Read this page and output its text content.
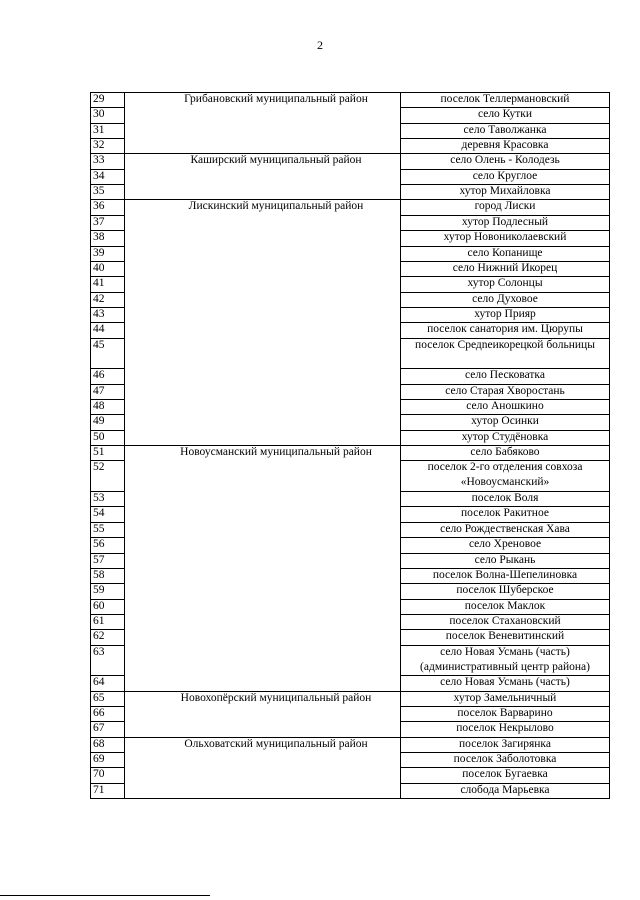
2
29	Грибановский муниципальный район	поселок Теллермановский
30	село Кутки
31	село Таволжанка
32	деревня Красовка
33	Каширский муниципальный район	село Олень - Колодезь
34	село Круглое
35	хутор Михайловка
36	Лискинский муниципальный район	город Лиски
37	хутор Подлесный
38	хутор Новониколаевский
39	село Копанище
40	село Нижний Икорец
41	хутор Солонцы
42	село Духовое
43	хутор Прияр
44	поселок санатория им. Цюрупы
45	поселок Средneикорецкой больницы
46	село Песковатка
47	село Старая Хворостань
48	село Аношкино
49	хутор Осинки
50	хутор Студёновка
51	Новоусманский муниципальный район	село Бабяково
52	поселок 2-го отделения совхоза «Новоусманский»
53	поселок Воля
54	поселок Ракитное
55	село Рождественская Хава
56	село Хреновое
57	село Рыкань
58	поселок Волна-Шепелиновка
59	поселок Шуберское
60	поселок Маклок
61	поселок Стахановский
62	поселок Веневитинский
63	село Новая Усмань (часть) (административный центр района)
64	село Новая Усмань (часть)
65	Новохопёрский муниципальный район	хутор Замельничный
66	поселок Варварино
67	поселок Некрылово
68	Ольховатский муниципальный район	поселок Загирянка
69	поселок Заболотовка
70	поселок Бугаевка
71	слобода Марьевка
